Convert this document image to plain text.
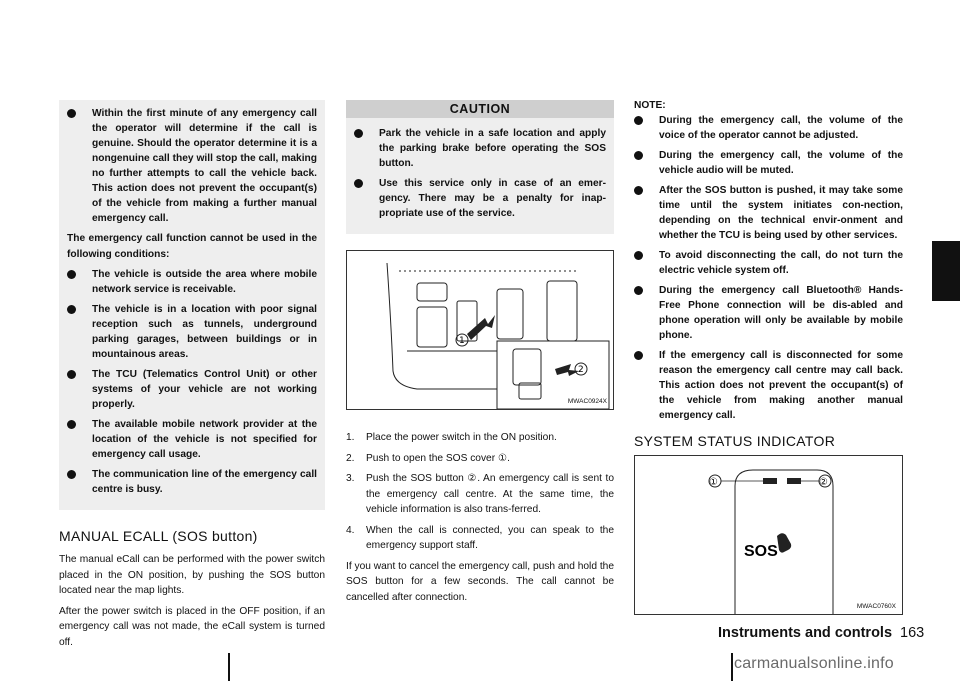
Within the first minute of any emergency call the operator will determine if the call is genuine. Should the operator determine it is a nongenuine call they will stop the call, making no further attempts to call the vehicle back. This action does not prevent the occupant(s) of the vehicle from making a further manual emergency call.
The emergency call function cannot be used in the following conditions:
The vehicle is outside the area where mobile network service is receivable.
The vehicle is in a location with poor signal reception such as tunnels, underground parking garages, between buildings or in mountainous areas.
The TCU (Telematics Control Unit) or other systems of your vehicle are not working properly.
The available mobile network provider at the location of the vehicle is not specified for emergency call usage.
The communication line of the emergency call centre is busy.
MANUAL ECALL (SOS button)
The manual eCall can be performed with the power switch placed in the ON position, by pushing the SOS button located near the map lights.
After the power switch is placed in the OFF position, if an emergency call was not made, the eCall system is turned off.
CAUTION
Park the vehicle in a safe location and apply the parking brake before operating the SOS button.
Use this service only in case of an emer-gency. There may be a penalty for inap-propriate use of the service.
1
2
MWAC0924X
1. Place the power switch in the ON position.
2. Push to open the SOS cover ①.
3. Push the SOS button ②. An emergency call is sent to the emergency call centre. At the same time, the vehicle information is also trans-ferred.
4. When the call is connected, you can speak to the emergency support staff.
If you want to cancel the emergency call, push and hold the SOS button for a few seconds. The call cannot be cancelled after connection.
NOTE:
During the emergency call, the volume of the voice of the operator cannot be adjusted.
During the emergency call, the volume of the vehicle audio will be muted.
After the SOS button is pushed, it may take some time until the system initiates con-nection, depending on the technical envir-onment and whether the TCU is being used by other services.
To avoid disconnecting the call, do not turn the electric vehicle system off.
During the emergency call Bluetooth® Hands- Free Phone connection will be dis-abled and phone operation will only be available by mobile phone.
If the emergency call is disconnected for some reason the emergency call centre may call back. This action does not prevent the occupant(s) of the vehicle from making another manual emergency call.
SYSTEM STATUS INDICATOR
①	②
SOS
MWAC0760X
Instruments and controls 163
carmanualsonline.info
